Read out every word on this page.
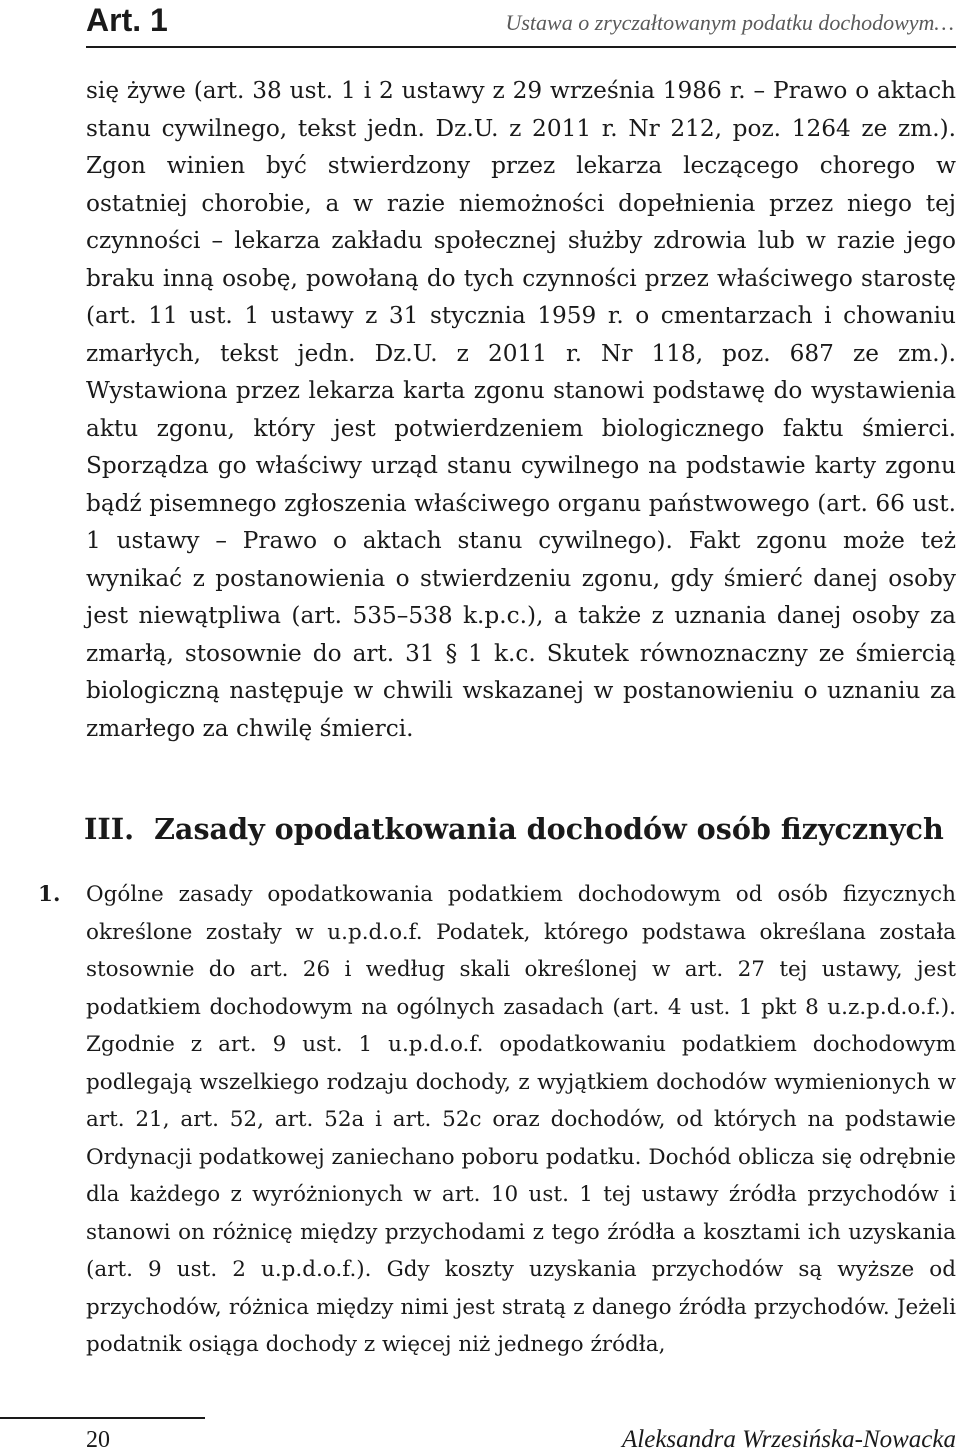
Art. 1	Ustawa o zryczałtowanym podatku dochodowym…

się żywe (art. 38 ust. 1 i 2 ustawy z 29 września 1986 r. – Prawo o aktach stanu cywilnego, tekst jedn. Dz.U. z 2011 r. Nr 212, poz. 1264 ze zm.). Zgon winien być stwierdzony przez lekarza leczącego chorego w ostatniej chorobie, a w razie niemożności dopełnienia przez niego tej czynności – lekarza zakładu społecznej służby zdrowia lub w razie jego braku inną osobę, powołaną do tych czynności przez właściwego starostę (art. 11 ust. 1 ustawy z 31 stycznia 1959 r. o cmentarzach i chowaniu zmarłych, tekst jedn. Dz.U. z 2011 r. Nr 118, poz. 687 ze zm.). Wystawiona przez lekarza karta zgonu stanowi podstawę do wystawienia aktu zgonu, który jest potwierdzeniem biologicznego faktu śmierci. Sporządza go właściwy urząd stanu cywilnego na podstawie karty zgonu bądź pisemnego zgłoszenia właściwego organu państwowego (art. 66 ust. 1 ustawy – Prawo o aktach stanu cywilnego). Fakt zgonu może też wynikać z postanowienia o stwierdzeniu zgonu, gdy śmierć danej osoby jest niewątpliwa (art. 535–538 k.p.c.), a także z uznania danej osoby za zmarłą, stosownie do art. 31 § 1 k.c. Skutek równoznaczny ze śmiercią biologiczną następuje w chwili wskazanej w postanowieniu o uznaniu za zmarłego za chwilę śmierci.

III. Zasady opodatkowania dochodów osób fizycznych
1. Ogólne zasady opodatkowania podatkiem dochodowym od osób fizycznych określone zostały w u.p.d.o.f. Podatek, którego podstawa określana została stosownie do art. 26 i według skali określonej w art. 27 tej ustawy, jest podatkiem dochodowym na ogólnych zasadach (art. 4 ust. 1 pkt 8 u.z.p.d.o.f.). Zgodnie z art. 9 ust. 1 u.p.d.o.f. opodatkowaniu podatkiem dochodowym podlegają wszelkiego rodzaju dochody, z wyjątkiem dochodów wymienionych w art. 21, art. 52, art. 52a i art. 52c oraz dochodów, od których na podstawie Ordynacji podatkowej zaniechano poboru podatku. Dochód oblicza się odrębnie dla każdego z wyróżnionych w art. 10 ust. 1 tej ustawy źródła przychodów i stanowi on różnicę między przychodami z tego źródła a kosztami ich uzyskania (art. 9 ust. 2 u.p.d.o.f.). Gdy koszty uzyskania przychodów są wyższe od przychodów, różnica między nimi jest stratą z danego źródła przychodów. Jeżeli podatnik osiąga dochody z więcej niż jednego źródła,

20	Aleksandra Wrzesińska-Nowacka
